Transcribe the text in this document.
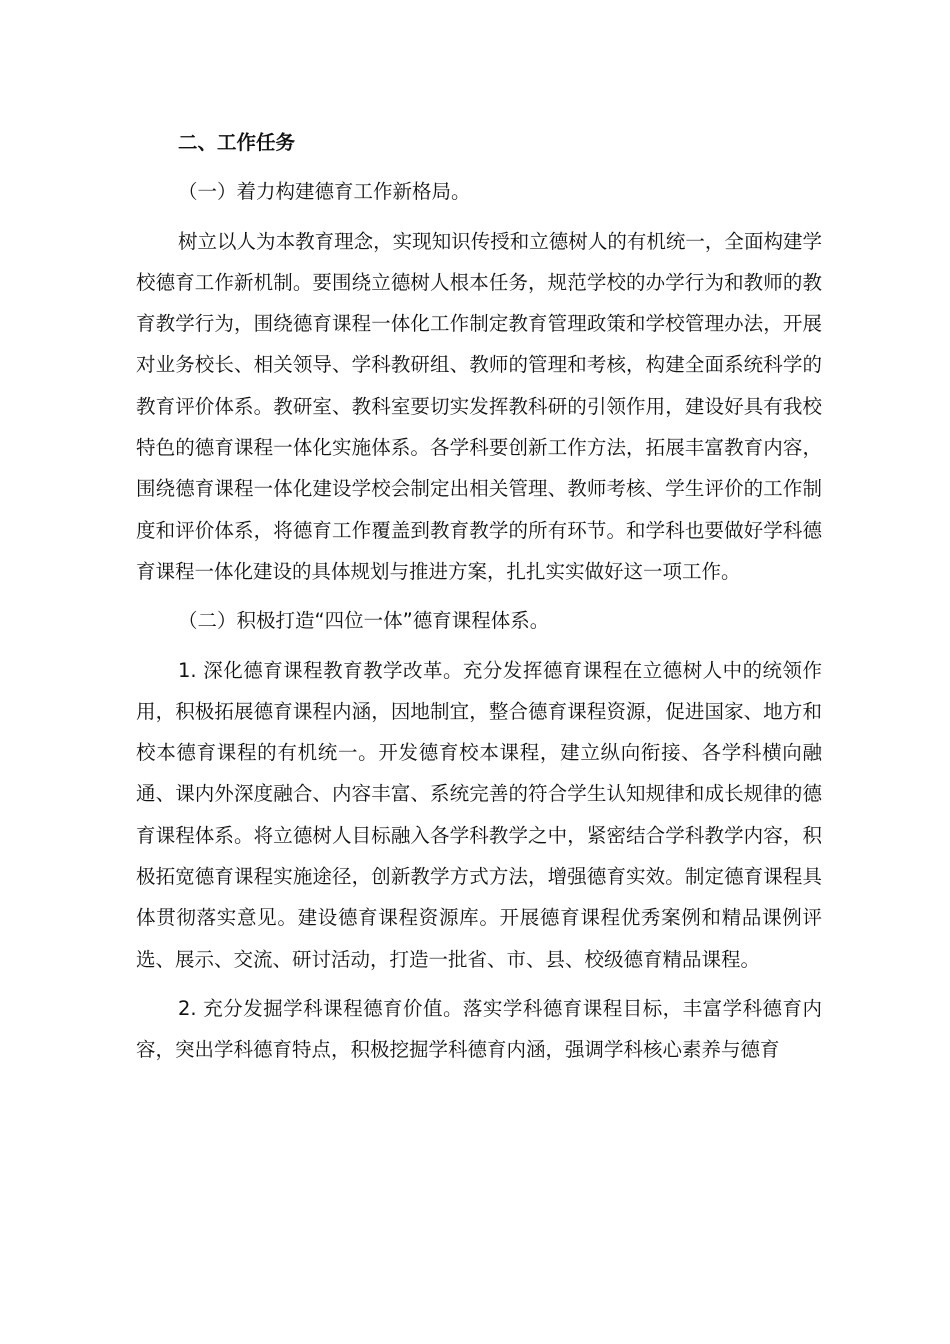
二、工作任务

（一）着力构建德育工作新格局。

树立以人为本教育理念，实现知识传授和立德树人的有机统一，全面构建学校德育工作新机制。要围绕立德树人根本任务，规范学校的办学行为和教师的教育教学行为，围绕德育课程一体化工作制定教育管理政策和学校管理办法，开展对业务校长、相关领导、学科教研组、教师的管理和考核，构建全面系统科学的教育评价体系。教研室、教科室要切实发挥教科研的引领作用，建设好具有我校特色的德育课程一体化实施体系。各学科要创新工作方法，拓展丰富教育内容，围绕德育课程一体化建设学校会制定出相关管理、教师考核、学生评价的工作制度和评价体系，将德育工作覆盖到教育教学的所有环节。和学科也要做好学科德育课程一体化建设的具体规划与推进方案，扎扎实实做好这一项工作。

（二）积极打造“四位一体”德育课程体系。

1. 深化德育课程教育教学改革。充分发挥德育课程在立德树人中的统领作用，积极拓展德育课程内涵，因地制宜，整合德育课程资源，促进国家、地方和校本德育课程的有机统一。开发德育校本课程，建立纵向衔接、各学科横向融通、课内外深度融合、内容丰富、系统完善的符合学生认知规律和成长规律的德育课程体系。将立德树人目标融入各学科教学之中，紧密结合学科教学内容，积极拓宽德育课程实施途径，创新教学方式方法，增强德育实效。制定德育课程具体贯彻落实意见。建设德育课程资源库。开展德育课程优秀案例和精品课例评选、展示、交流、研讨活动，打造一批省、市、县、校级德育精品课程。

2. 充分发掘学科课程德育价值。落实学科德育课程目标，丰富学科德育内容，突出学科德育特点，积极挖掘学科德育内涵，强调学科核心素养与德育
